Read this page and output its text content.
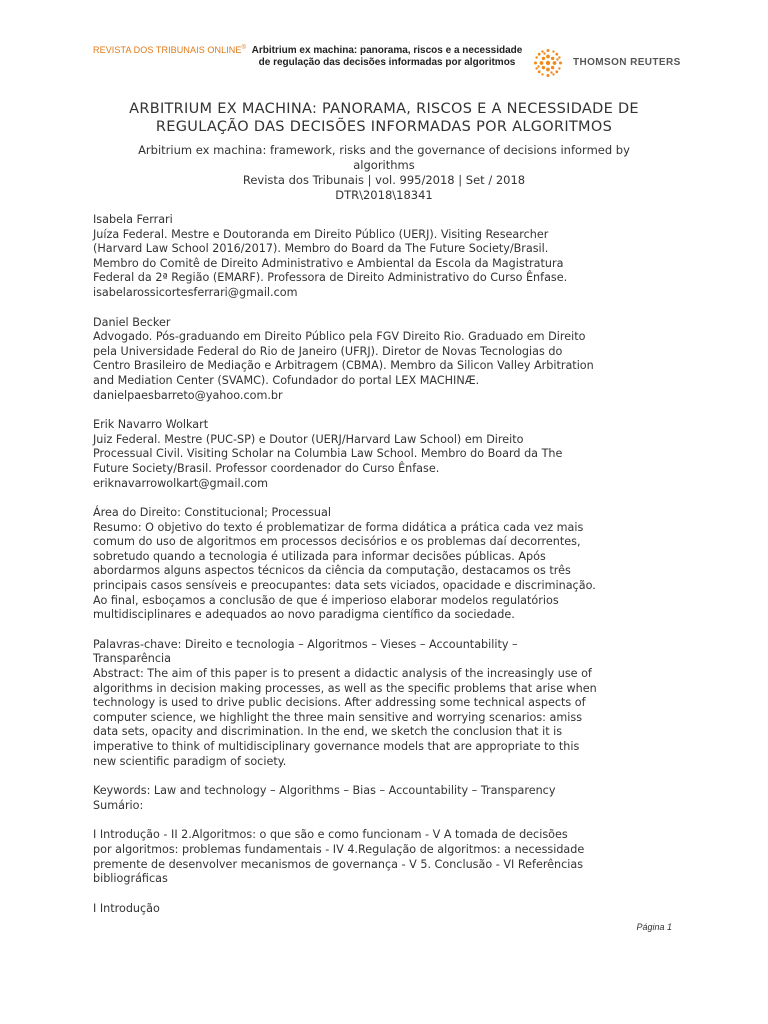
REVISTA DOS TRIBUNAIS ONLINE® Arbitrium ex machina: panorama, riscos e a necessidade
de regulação das decisões informadas por algoritmos	THOMSON REUTERS
ARBITRIUM EX MACHINA: PANORAMA, RISCOS E A NECESSIDADE DE
REGULAÇÃO DAS DECISÕES INFORMADAS POR ALGORITMOS
Arbitrium ex machina: framework, risks and the governance of decisions informed by
algorithms
Revista dos Tribunais | vol. 995/2018 | Set / 2018
DTR\2018\18341

Isabela Ferrari
Juíza Federal. Mestre e Doutoranda em Direito Público (UERJ). Visiting Researcher
(Harvard Law School 2016/2017). Membro do Board da The Future Society/Brasil.
Membro do Comitê de Direito Administrativo e Ambiental da Escola da Magistratura
Federal da 2ª Região (EMARF). Professora de Direito Administrativo do Curso Ênfase.
isabelarossicortesferrari@gmail.com

Daniel Becker
Advogado. Pós-graduando em Direito Público pela FGV Direito Rio. Graduado em Direito
pela Universidade Federal do Rio de Janeiro (UFRJ). Diretor de Novas Tecnologias do
Centro Brasileiro de Mediação e Arbitragem (CBMA). Membro da Silicon Valley Arbitration
and Mediation Center (SVAMC). Cofundador do portal LEX MACHINÆ.
danielpaesbarreto@yahoo.com.br

Erik Navarro Wolkart
Juiz Federal. Mestre (PUC-SP) e Doutor (UERJ/Harvard Law School) em Direito
Processual Civil. Visiting Scholar na Columbia Law School. Membro do Board da The
Future Society/Brasil. Professor coordenador do Curso Ênfase.
eriknavarrowolkart@gmail.com

Área do Direito: Constitucional; Processual
Resumo: O objetivo do texto é problematizar de forma didática a prática cada vez mais
comum do uso de algoritmos em processos decisórios e os problemas daí decorrentes,
sobretudo quando a tecnologia é utilizada para informar decisões públicas. Após
abordarmos alguns aspectos técnicos da ciência da computação, destacamos os três
principais casos sensíveis e preocupantes: data sets viciados, opacidade e discriminação.
Ao final, esboçamos a conclusão de que é imperioso elaborar modelos regulatórios
multidisciplinares e adequados ao novo paradigma científico da sociedade.

Palavras-chave: Direito e tecnologia – Algoritmos – Vieses – Accountability –
Transparência
Abstract: The aim of this paper is to present a didactic analysis of the increasingly use of
algorithms in decision making processes, as well as the specific problems that arise when
technology is used to drive public decisions. After addressing some technical aspects of
computer science, we highlight the three main sensitive and worrying scenarios: amiss
data sets, opacity and discrimination. In the end, we sketch the conclusion that it is
imperative to think of multidisciplinary governance models that are appropriate to this
new scientific paradigm of society.

Keywords: Law and technology – Algorithms – Bias – Accountability – Transparency
Sumário:

I Introdução - II 2.Algoritmos: o que são e como funcionam - V A tomada de decisões
por algoritmos: problemas fundamentais - IV 4.Regulação de algoritmos: a necessidade
premente de desenvolver mecanismos de governança - V 5. Conclusão - VI Referências
bibliográficas

I Introdução

Página 1
